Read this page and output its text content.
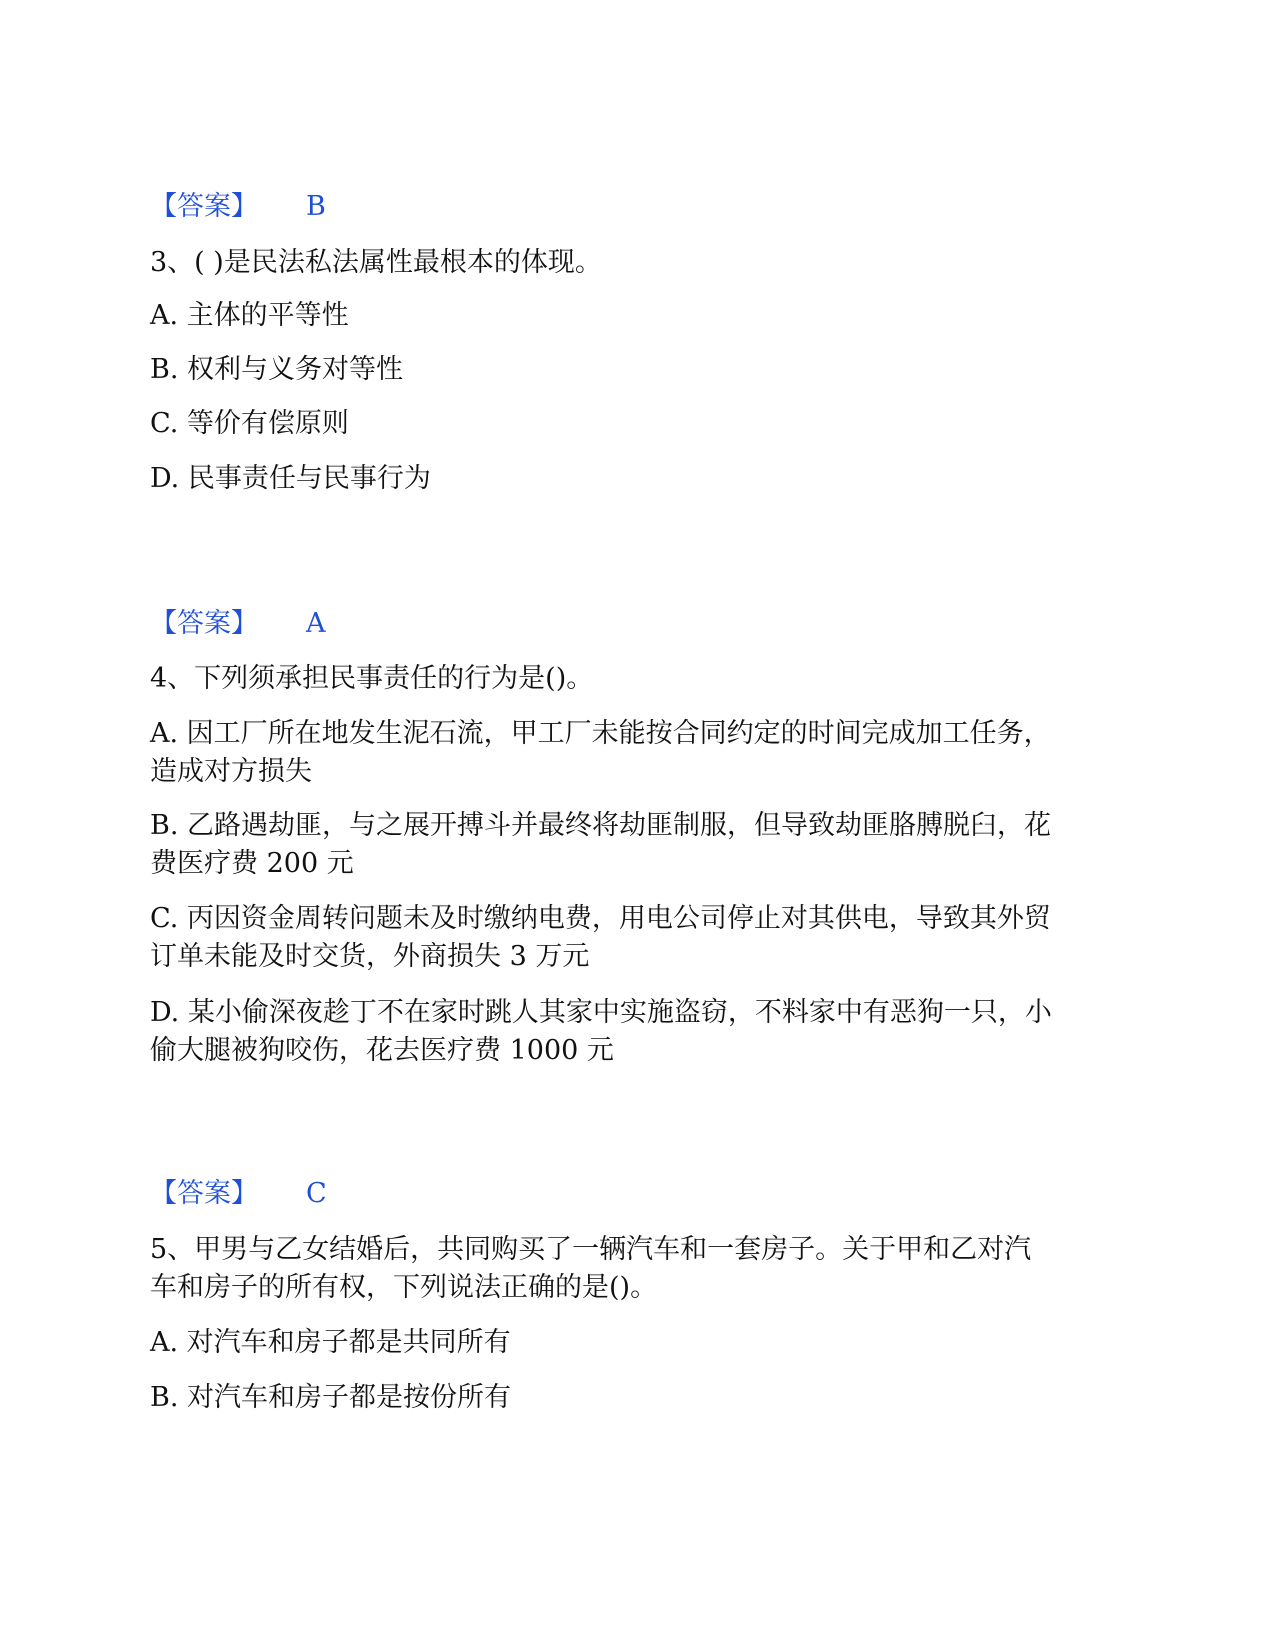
【答案】 B
3、( )是民法私法属性最根本的体现。
A. 主体的平等性
B. 权利与义务对等性
C. 等价有偿原则
D. 民事责任与民事行为
【答案】 A
4、下列须承担民事责任的行为是()。
A. 因工厂所在地发生泥石流，甲工厂未能按合同约定的时间完成加工任务，
造成对方损失
B. 乙路遇劫匪，与之展开搏斗并最终将劫匪制服，但导致劫匪胳膊脱臼，花
费医疗费 200 元
C. 丙因资金周转问题未及时缴纳电费，用电公司停止对其供电，导致其外贸
订单未能及时交货，外商损失 3 万元
D. 某小偷深夜趁丁不在家时跳人其家中实施盗窃，不料家中有恶狗一只，小
偷大腿被狗咬伤，花去医疗费 1000 元
【答案】 C
5、甲男与乙女结婚后，共同购买了一辆汽车和一套房子。关于甲和乙对汽
车和房子的所有权，下列说法正确的是()。
A. 对汽车和房子都是共同所有
B. 对汽车和房子都是按份所有
